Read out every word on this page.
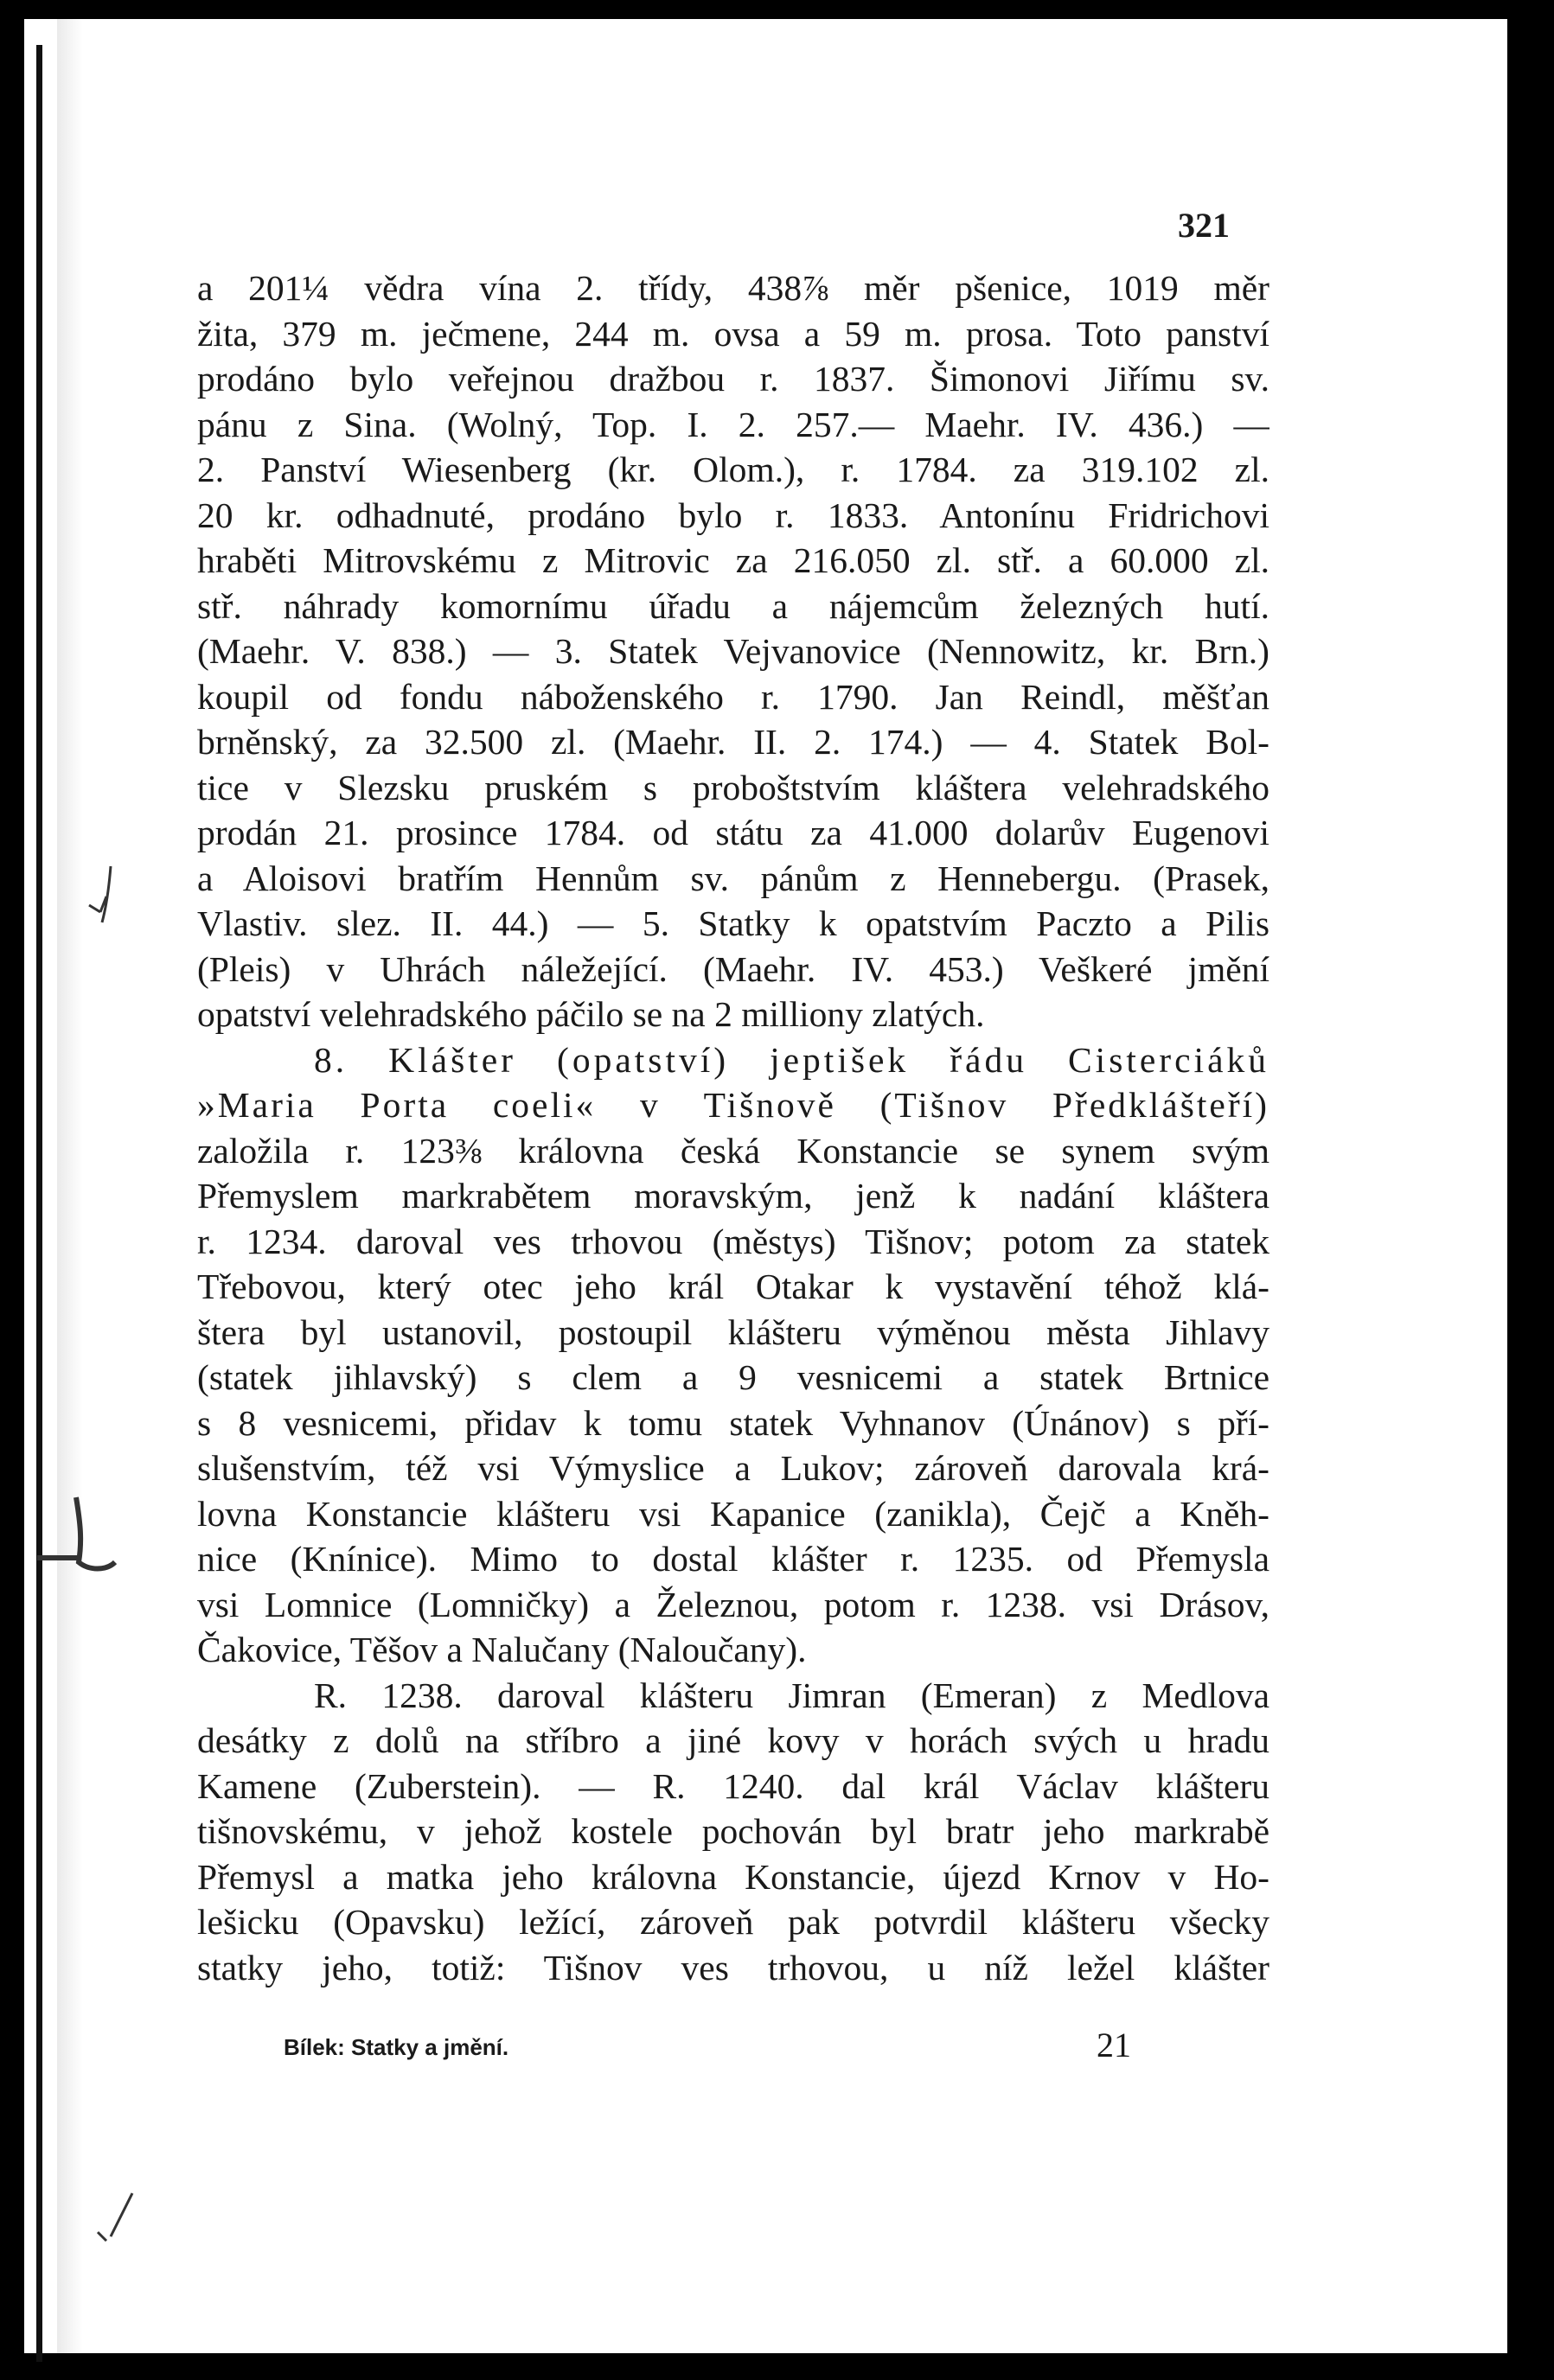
321
a 201¼ vědra vína 2. třídy, 438⅞ měr pšenice, 1019 měr
žita, 379 m. ječmene, 244 m. ovsa a 59 m. prosa. Toto panství
prodáno bylo veřejnou dražbou r. 1837. Šimonovi Jiřímu sv.
pánu z Sina. (Wolný, Top. I. 2. 257.— Maehr. IV. 436.) —
2. Panství Wiesenberg (kr. Olom.), r. 1784. za 319.102 zl.
20 kr. odhadnuté, prodáno bylo r. 1833. Antonínu Fridrichovi
hraběti Mitrovskému z Mitrovic za 216.050 zl. stř. a 60.000 zl.
stř. náhrady komornímu úřadu a nájemcům železných hutí.
(Maehr. V. 838.) — 3. Statek Vejvanovice (Nennowitz, kr. Brn.)
koupil od fondu náboženského r. 1790. Jan Reindl, měšťan
brněnský, za 32.500 zl. (Maehr. II. 2. 174.) — 4. Statek Bol-
tice v Slezsku pruském s proboštstvím kláštera velehradského
prodán 21. prosince 1784. od státu za 41.000 dolarův Eugenovi
a Aloisovi bratřím Hennům sv. pánům z Hennebergu. (Prasek,
Vlastiv. slez. II. 44.) — 5. Statky k opatstvím Paczto a Pilis
(Pleis) v Uhrách náležející. (Maehr. IV. 453.) Veškeré jmění
opatství velehradského páčilo se na 2 milliony zlatých.
8. Klášter (opatství) jeptišek řádu Cisterciáků
»Maria Porta coeli« v Tišnově (Tišnov Předklášteří)
založila r. 123⅜ královna česká Konstancie se synem svým
Přemyslem markrabětem moravským, jenž k nadání kláštera
r. 1234. daroval ves trhovou (městys) Tišnov; potom za statek
Třebovou, který otec jeho král Otakar k vystavění téhož klá-
štera byl ustanovil, postoupil klášteru výměnou města Jihlavy
(statek jihlavský) s clem a 9 vesnicemi a statek Brtnice
s 8 vesnicemi, přidav k tomu statek Vyhnanov (Únánov) s pří-
slušenstvím, též vsi Výmyslice a Lukov; zároveň darovala krá-
lovna Konstancie klášteru vsi Kapanice (zanikla), Čejč a Kněh-
nice (Knínice). Mimo to dostal klášter r. 1235. od Přemysla
vsi Lomnice (Lomničky) a Železnou, potom r. 1238. vsi Drásov,
Čakovice, Těšov a Nalučany (Naloučany).
R. 1238. daroval klášteru Jimran (Emeran) z Medlova
desátky z dolů na stříbro a jiné kovy v horách svých u hradu
Kamene (Zuberstein). — R. 1240. dal král Václav klášteru
tišnovskému, v jehož kostele pochován byl bratr jeho markrabě
Přemysl a matka jeho královna Konstancie, újezd Krnov v Ho-
lešicku (Opavsku) ležící, zároveň pak potvrdil klášteru všecky
statky jeho, totiž: Tišnov ves trhovou, u níž ležel klášter
Bílek: Statky a jmění.	21
